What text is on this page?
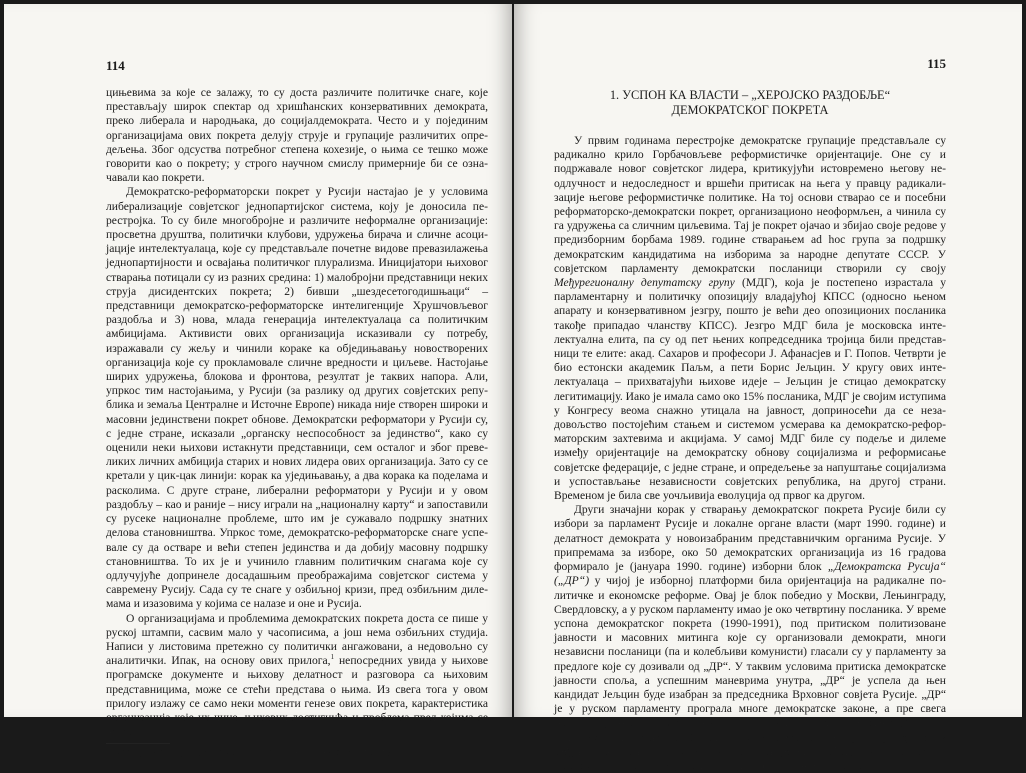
114

цињевима за које се залажу, то су доста различите политичке снаге, које престављају широк спектар од хришћанских конзервативних демократа, преко либерала и народњака, до социјалдемократа. Често и у појединим организацијама ових покрета делују струје и групације различитих опредељења. Због одсуства потребног степена кохезије, о њима се тешко може говорити као о покрету; у строго научном смислу примерније би се означавали као покрети.

Демократско-реформаторски покрет у Русији настајао је у условима либерализације совјетског једнопартијског система, коју је доносила перестројка. То су биле многобројне и различите неформалне организације: просветна друштва, политички клубови, удружења бирача и сличне асоцијације интелектуалаца, које су представљале почетне видове превазилажења једнопартијности и освајања политичког плурализма. Иницијатори њиховог стварања потицали су из разних средина: 1) малобројни представници неких струја дисидентских покрета; 2) бивши „шездесетогодишњаци“ – представници демократско-реформаторске интелигенције Хрушчовљевог раздобља и 3) нова, млада генерација интелектуалаца са политичким амбицијама. Активисти ових организација исказивали су потребу, изражавали су жељу и чинили кораке ка обједињавању новостворених организација које су прокламовале сличне вредности и циљеве. Настојање ширих удружења, блокова и фронтова, резултат је таквих напора. Али, упркос тим настојањима, у Русији (за разлику од других совјетских република и земаља Централне и Источне Европе) никада није створен широки и масовни јединствени покрет обнове. Демократски реформатори у Русији су, с једне стране, исказали „органску неспособност за јединство“, како су оценили неки њихови истакнути представници, сем осталог и због превеликих личних амбиција старих и нових лидера ових организација. Зато су се кретали у цик-цак линији: корак ка уједињавању, а два корака ка поделама и расколима. С друге стране, либерални реформатори у Русији и у овом раздобљу – као и раније – нису играли на „националну карту“ и запоставили су русеке националне проблеме, што им је сужавало подршку знатних делова становништва. Упркос томе, демократско-реформаторске снаге успевале су да остваре и већи степен јединства и да добију масовну подршку становништва. То их је и учинило главним политичким снагама које су одлучујуће допринеле досадашњим преображајима совјетског система у савремену Русију. Сада су те снаге у озбиљној кризи, пред озбиљним дилемама и изазовима у којима се налазе и оне и Русија.

О организацијама и проблемима демократских покрета доста се пише у руској штампи, сасвим мало у часописима, а још нема озбиљних студија. Написи у листовима претежно су политички ангажовани, а недовољно су аналитички. Ипак, на основу ових прилога,$^1$ непосредних увида у њихове програмске документе и њихову делатност и разговора са њиховим представницима, може се стећи представа о њима. Из свега тога у овом прилогу излажу се само неки моменти генезе ових покрета, карактеристика организација које их чине, њихових достигнућа и проблема пред којима се налазе.

$^1$ Важнији материјали, документи и чланци наведени су у литератури.
115
1. УСПОН КА ВЛАСТИ – „ХЕРОЈСКО РАЗДОБЉЕ“
ДЕМОКРАТСКОГ ПОКРЕТА

У првим годинама перестројке демократске групације представљале су радикално крило Горбачовљеве реформистичке оријентације. Оне су и подржавале новог совјетског лидера, критикујући истовремено његову неодлучност и недоследност и вршећи притисак на њега у правцу радикализације његове реформистичке политике. На тој основи стварао се и посебни реформаторско-демократски покрет, организационо неоформљен, а чинила су га удружења са сличним циљевима. Тај је покрет ојачао и збијао своје редове у предизборним борбама 1989. године стварањем ad hoc група за подршку демократским кандидатима на изборима за народне депутате СССР. У совјетском парламенту демократски посланици створили су своју Међурегионалну депутатску групу (МДГ), која је постепено израстала у парламентарну и политичку опозицију владајућој КПСС (односно њеном апарату и конзервативном језгру, пошто је већи део опозиционих посланика такође припадао чланству КПСС). Језгро МДГ била је московска интелектуална елита, па су од пет њених копредседника тројица били представници те елите: акад. Сахаров и професори Ј. Афанасјев и Г. Попов. Четврти је био естонски академик Паљм, а пети Борис Јељцин. У кругу ових интелектуалаца – прихватајући њихове идеје – Јељцин је стицао демократску легитимацију. Иако је имала само око 15% посланика, МДГ је својим иступима у Конгресу веома снажно утицала на јавност, доприносећи да се незадовољство постојећим стањем и системом усмерава ка демократско-реформаторским захтевима и акцијама. У самој МДГ биле су подеље и дилеме између оријентације на демократску обнову социјализма и реформисање совјетске федерације, с једне стране, и опредељење за напуштање социјализма и успостављање независности совјетских република, на другој страни. Временом је била све уочљивија еволуција од првог ка другом.

Други значајни корак у стварању демократског покрета Русије били су избори за парламент Русије и локалне органе власти (март 1990. године) и делатност демократа у новоизабраним представничким органима Русије. У припремама за изборе, око 50 демократских организација из 16 градова формирало је (јануара 1990. године) изборни блок „Демократска Русија“ („ДР“) у чијој је изборној платформи била оријентација на радикалне политичке и економске реформе. Овај је блок победио у Москви, Лењинграду, Свердловску, а у руском парламенту имао је око четвртину посланика. У време успона демократског покрета (1990-1991), под притиском политизоване јавности и масовних митинга које су организовали демократи, многи независни посланици (па и колебљиви комунисти) гласали су у парламенту за предлоге које су дозивали од „ДР“. У таквим условима притиска демократске јавности споља, а успешним маневрима унутра, „ДР“ је успела да њен кандидат Јељцин буде изабран за председника Врховног совјета Русије. „ДР“ је у руском парламенту програла многе демократске законе, а пре свега Декларацију о суверенитету Русије (12. јуна 1990. године). Ослањајући се на подршку политизованих бирача и демократских партија, која су се у међувремену створале, демократи су извојевали победу на изборима за председника Русије (12. јуна 1991. године). Јељцин је победио пе-
